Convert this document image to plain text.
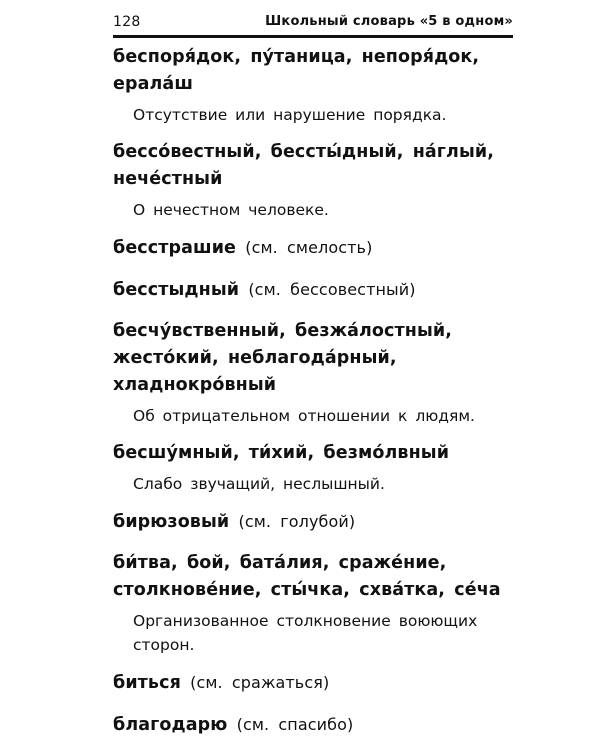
128	Школьный словарь «5 в одном»
беспоря́док, пу́таница, непоря́док,
ерала́ш
Отсутствие или нарушение порядка.
бессо́вестный, бессты́дный, на́глый,
нече́стный
О нечестном человеке.
бесстрашие (см. смелость)
бесстыдный (см. бессовестный)
бесчу́вственный, безжа́лостный,
жесто́кий, неблагода́рный,
хладнокро́вный
Об отрицательном отношении к людям.
бесшу́мный, ти́хий, безмо́лвный
Слабо звучащий, неслышный.
бирюзовый (см. голубой)
би́тва, бой, бата́лия, сраже́ние,
столкнове́ние, сты́чка, схва́тка, се́ча
Организованное столкновение воюющих
сторон.
биться (см. сражаться)
благодарю (см. спасибо)
